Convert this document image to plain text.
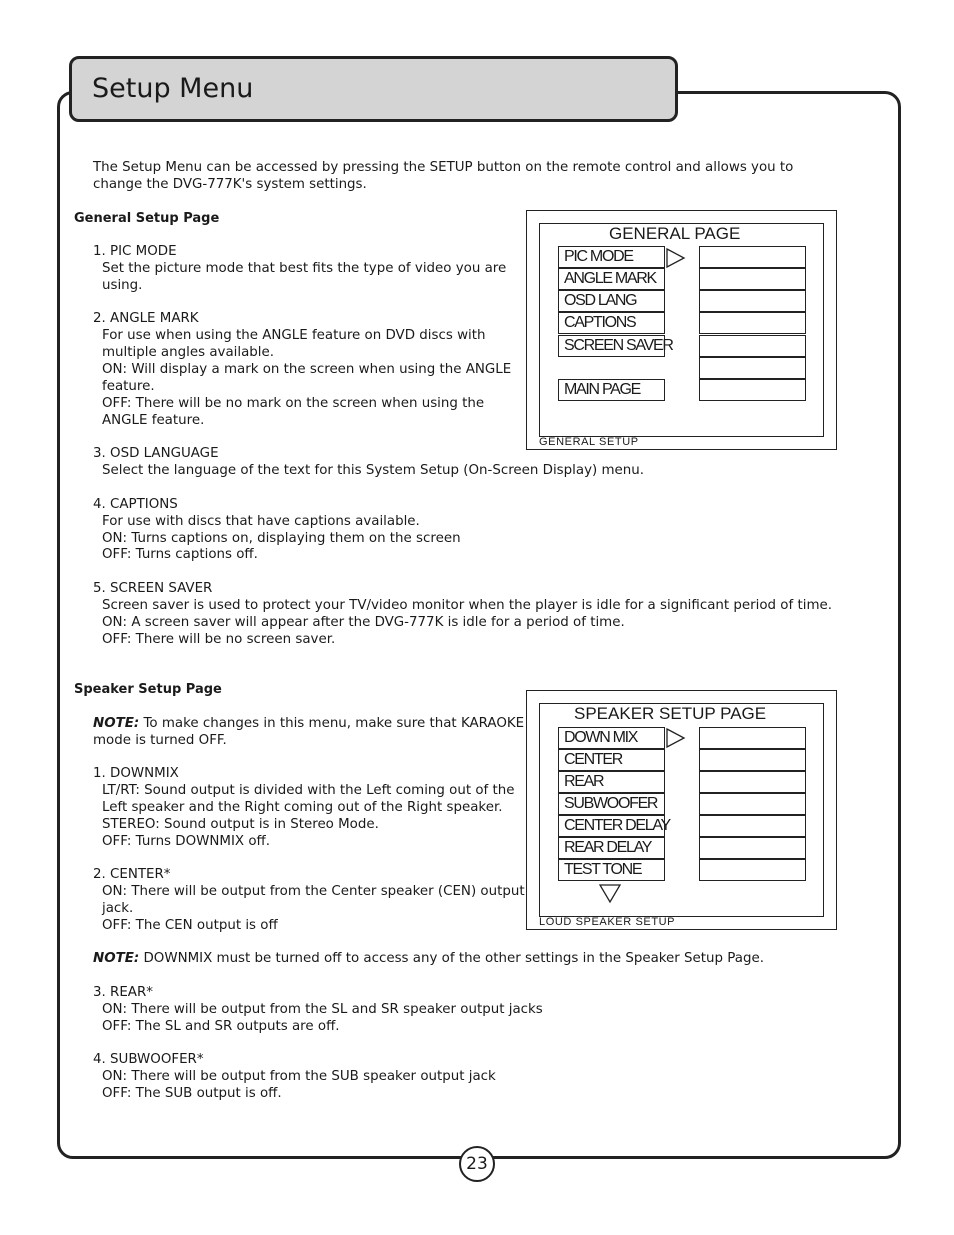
Setup Menu

The Setup Menu can be accessed by pressing the SETUP button on the remote control and allows you to

change the DVG-777K's system settings.

General Setup Page

1. PIC MODE

Set the picture mode that best fits the type of video you are

using.

2. ANGLE MARK

For use when using the ANGLE feature on DVD discs with

multiple angles available.

ON: Will display a mark on the screen when using the ANGLE

feature.

OFF: There will be no mark on the screen when using the

ANGLE feature.

3. OSD LANGUAGE

Select the language of the text for this System Setup (On-Screen Display) menu.

4. CAPTIONS

For use with discs that have captions available.

ON: Turns captions on, displaying them on the screen

OFF: Turns captions off.

5. SCREEN SAVER

Screen saver is used to protect your TV/video monitor when the player is idle for a significant period of time.

ON: A screen saver will appear after the DVG-777K is idle for a period of time.

OFF: There will be no screen saver.

Speaker Setup Page

NOTE: To make changes in this menu, make sure that KARAOKE

mode is turned OFF.

1. DOWNMIX

LT/RT: Sound output is divided with the Left coming out of the

Left speaker and the Right coming out of the Right speaker.

STEREO: Sound output is in Stereo Mode.

OFF: Turns DOWNMIX off.

2. CENTER*

ON: There will be output from the Center speaker (CEN) output

jack.

OFF: The CEN output is off

NOTE: DOWNMIX must be turned off to access any of the other settings in the Speaker Setup Page.

3. REAR*

ON: There will be output from the SL and SR speaker output jacks

OFF: The SL and SR outputs are off.

4. SUBWOOFER*

ON: There will be output from the SUB speaker output jack

OFF: The SUB output is off.

GENERAL PAGE

PIC MODE
ANGLE MARK
OSD LANG
CAPTIONS
SCREEN SAVER
MAIN PAGE
GENERAL SETUP

SPEAKER SETUP PAGE

DOWN MIX
CENTER
REAR
SUBWOOFER
CENTER DELAY
REAR DELAY
TEST TONE
LOUD SPEAKER SETUP
23
